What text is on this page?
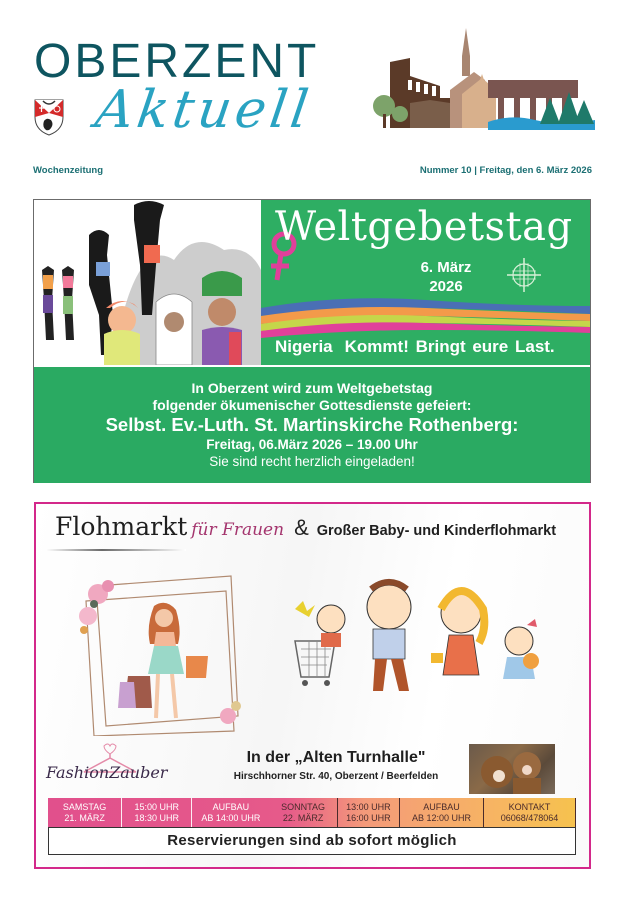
OBERZENT
Aktuell
Wochenzeitung	Nummer 10 | Freitag, den 6. März 2026
Weltgebetstag
6. März
2026
Nigeria Kommt! Bringt eure Last.
In Oberzent wird zum Weltgebetstag
folgender ökumenischer Gottesdienste gefeiert:
Selbst. Ev.-Luth. St. Martinskirche Rothenberg:
Freitag, 06.März 2026 – 19.00 Uhr
Sie sind recht herzlich eingeladen!
Flohmarkt für Frauen & Großer Baby- und Kinderflohmarkt
FashionZauber
In der „Alten Turnhalle"
Hirschhorner Str. 40, Oberzent / Beerfelden
SAMSTAG
21. MÄRZ
15:00 UHR
18:30 UHR
AUFBAU
AB 14:00 UHR
SONNTAG
22. MÄRZ
13:00 UHR
16:00 UHR
AUFBAU
AB 12:00 UHR
KONTAKT
06068/478064
Reservierungen sind ab sofort möglich
